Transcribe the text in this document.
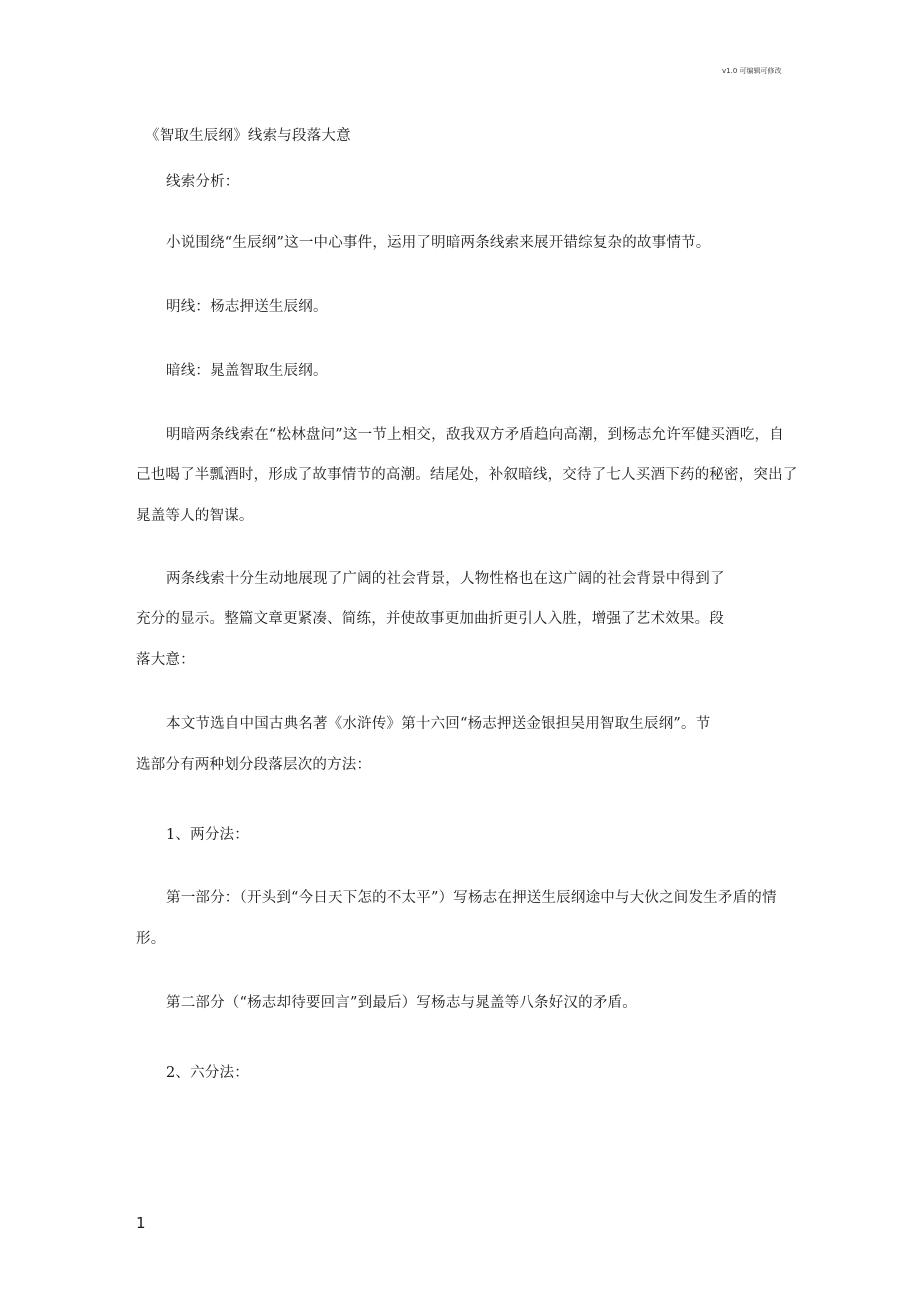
v1.0 可编辑可修改
《智取生辰纲》线索与段落大意
线索分析：
小说围绕“生辰纲”这一中心事件，运用了明暗两条线索来展开错综复杂的故事情节。
明线：杨志押送生辰纲。
暗线：晁盖智取生辰纲。
明暗两条线索在“松林盘问”这一节上相交，敌我双方矛盾趋向高潮，到杨志允许军健买酒吃，自
己也喝了半瓢酒时，形成了故事情节的高潮。结尾处，补叙暗线，交待了七人买酒下药的秘密，突出了
晁盖等人的智谋。
两条线索十分生动地展现了广阔的社会背景，人物性格也在这广阔的社会背景中得到了
充分的显示。整篇文章更紧凑、简练，并使故事更加曲折更引人入胜，增强了艺术效果。段
落大意：
本文节选自中国古典名著《水浒传》第十六回“杨志押送金银担吴用智取生辰纲”。节
选部分有两种划分段落层次的方法：
1、两分法：
第一部分：（开头到“今日天下怎的不太平”）写杨志在押送生辰纲途中与大伙之间发生矛盾的情
形。
第二部分（“杨志却待要回言”到最后）写杨志与晁盖等八条好汉的矛盾。
2、六分法：
1
